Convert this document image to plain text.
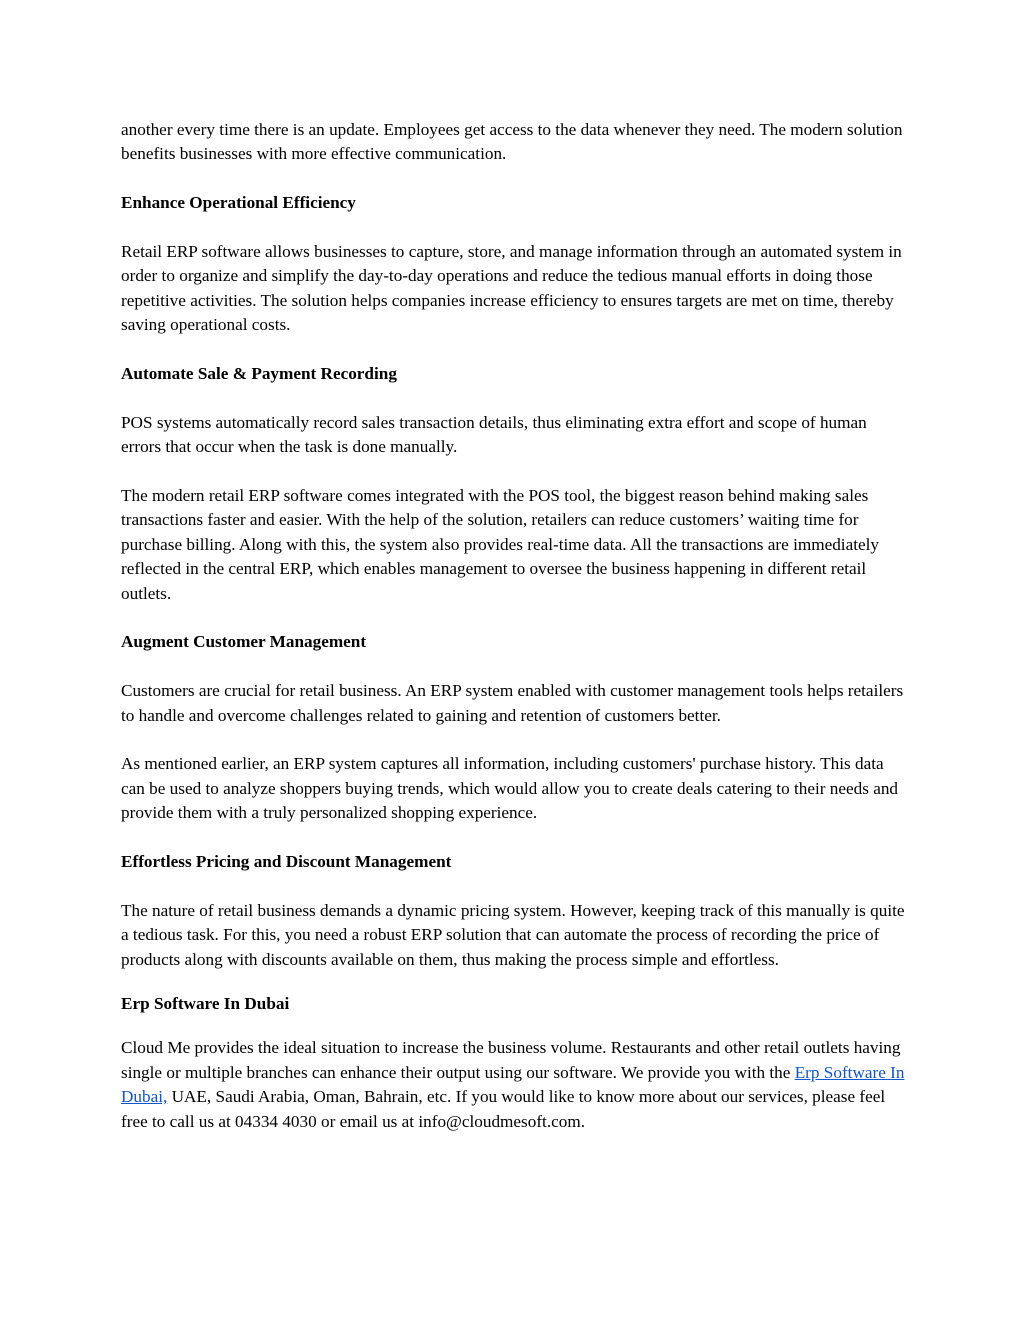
another every time there is an update. Employees get access to the data whenever they need. The modern solution benefits businesses with more effective communication.

Enhance Operational Efficiency

Retail ERP software allows businesses to capture, store, and manage information through an automated system in order to organize and simplify the day-to-day operations and reduce the tedious manual efforts in doing those repetitive activities. The solution helps companies increase efficiency to ensures targets are met on time, thereby saving operational costs.

Automate Sale & Payment Recording

POS systems automatically record sales transaction details, thus eliminating extra effort and scope of human errors that occur when the task is done manually.

The modern retail ERP software comes integrated with the POS tool, the biggest reason behind making sales transactions faster and easier. With the help of the solution, retailers can reduce customers’ waiting time for purchase billing. Along with this, the system also provides real-time data. All the transactions are immediately reflected in the central ERP, which enables management to oversee the business happening in different retail outlets.

Augment Customer Management

Customers are crucial for retail business. An ERP system enabled with customer management tools helps retailers to handle and overcome challenges related to gaining and retention of customers better.

As mentioned earlier, an ERP system captures all information, including customers' purchase history. This data can be used to analyze shoppers buying trends, which would allow you to create deals catering to their needs and provide them with a truly personalized shopping experience.

Effortless Pricing and Discount Management

The nature of retail business demands a dynamic pricing system. However, keeping track of this manually is quite a tedious task. For this, you need a robust ERP solution that can automate the process of recording the price of products along with discounts available on them, thus making the process simple and effortless.

Erp Software In Dubai

Cloud Me provides the ideal situation to increase the business volume. Restaurants and other retail outlets having single or multiple branches can enhance their output using our software. We provide you with the Erp Software In Dubai, UAE, Saudi Arabia, Oman, Bahrain, etc. If you would like to know more about our services, please feel free to call us at 04334 4030 or email us at info@cloudmesoft.com.
